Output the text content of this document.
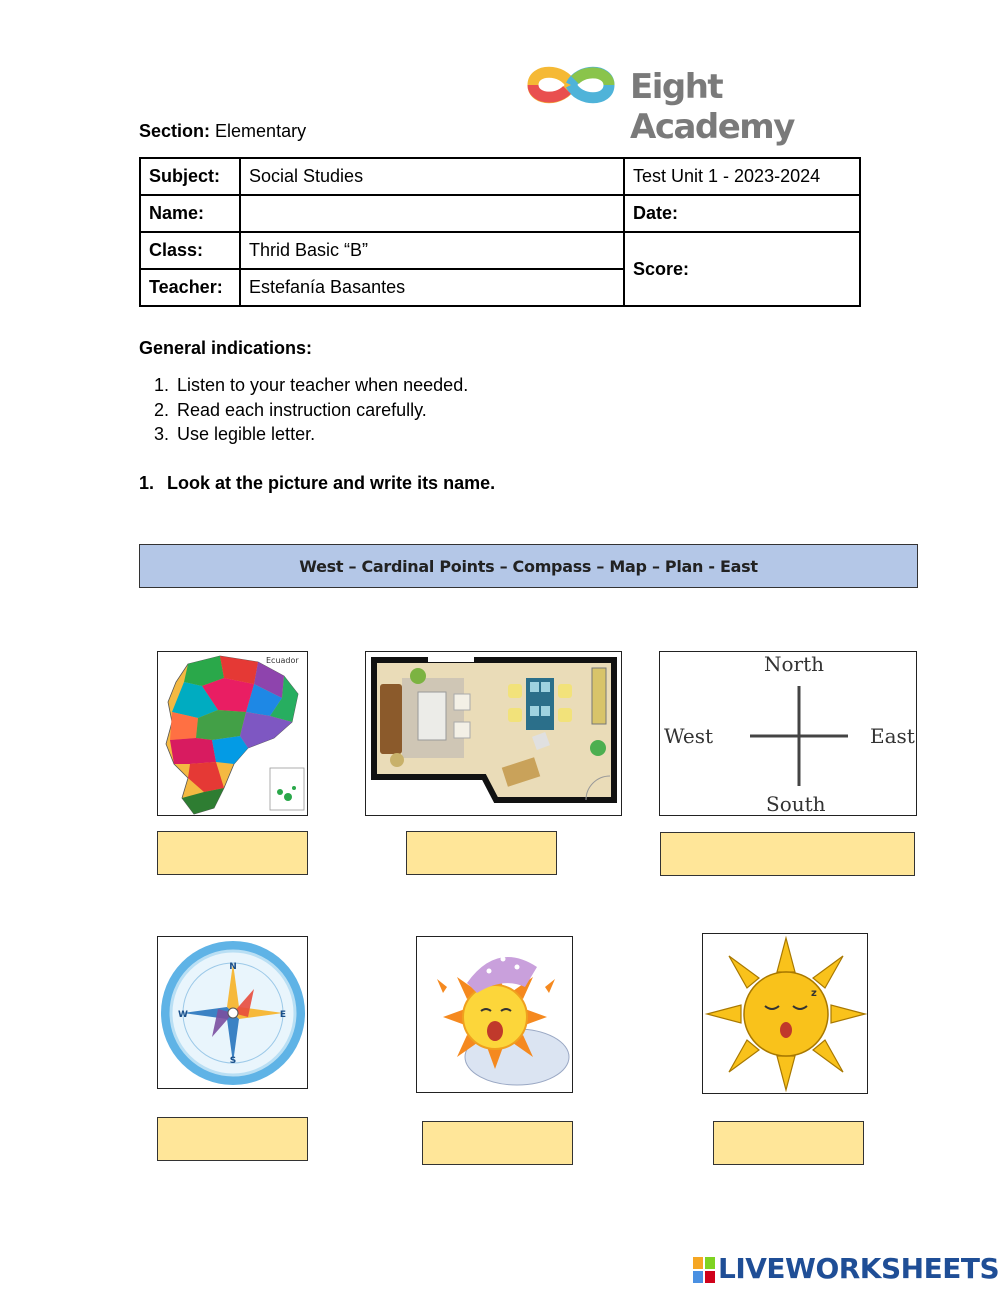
Eight Academy
Section: Elementary
Subject:	Social Studies	Test Unit 1 - 2023-2024
Name:		Date:
Class:	Thrid Basic “B”	Score:
Teacher:	Estefanía Basantes	
General indications:
1. Listen to your teacher when needed.
2. Read each instruction carefully.
3. Use legible letter.
1. Look at the picture and write its name.
West – Cardinal Points – Compass – Map – Plan - East
Ecuador	North
South
West	East
N
S
W	E
z
LIVEWORKSHEETS
